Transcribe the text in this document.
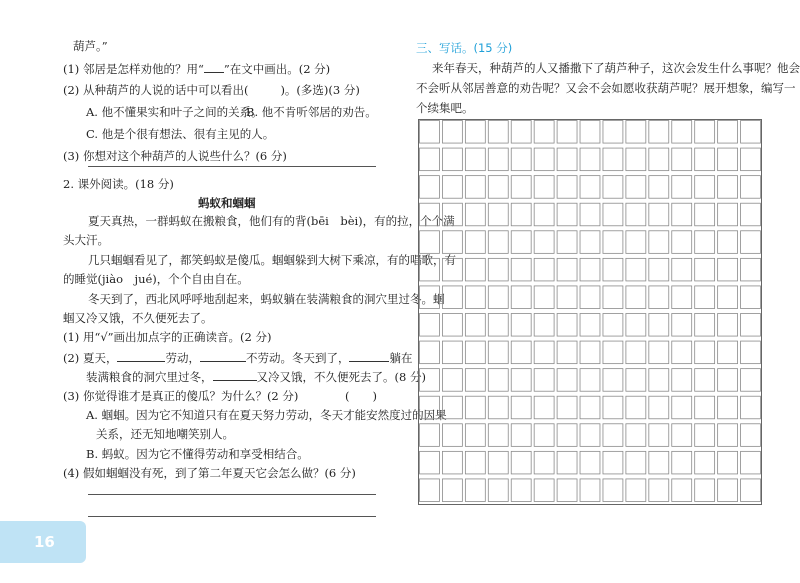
葫芦。”
(1) 邻居是怎样劝他的？用“ ”在文中画出。(2 分)
(2) 从种葫芦的人说的话中可以看出(	)。(多选)(3 分)
A. 他不懂果实和叶子之间的关系。
B. 他不肯听邻居的劝告。
C. 他是个很有想法、很有主见的人。
(3) 你想对这个种葫芦的人说些什么？(6 分)
2. 课外阅读。(18 分)
蚂蚁和蝈蝈
夏天真热，一群蚂蚁在搬粮食，他们有的背(bēi　bèi)，有的拉，个个满
头大汗。
几只蝈蝈看见了，都笑蚂蚁是傻瓜。蝈蝈躲到大树下乘凉，有的唱歌，有
的睡觉(jiào　jué)，个个自由自在。
冬天到了，西北风呼呼地刮起来，蚂蚁躺在装满粮食的洞穴里过冬。蝈
蝈又冷又饿，不久便死去了。
(1) 用“√”画出加点字的正确读音。(2 分)
(2) 夏天，	劳动，	不劳动。冬天到了，	躺在
装满粮食的洞穴里过冬，	又冷又饿，不久便死去了。(8 分)
(3) 你觉得谁才是真正的傻瓜？为什么？(2 分)	(　　)
A. 蝈蝈。因为它不知道只有在夏天努力劳动，冬天才能安然度过的因果
关系，还无知地嘲笑别人。
B. 蚂蚁。因为它不懂得劳动和享受相结合。
(4) 假如蝈蝈没有死，到了第二年夏天它会怎么做？(6 分)
三、写话。(15 分)
来年春天，种葫芦的人又播撒下了葫芦种子，这次会发生什么事呢？他会
不会听从邻居善意的劝告呢？又会不会如愿收获葫芦呢？展开想象，编写一
个续集吧。
16
